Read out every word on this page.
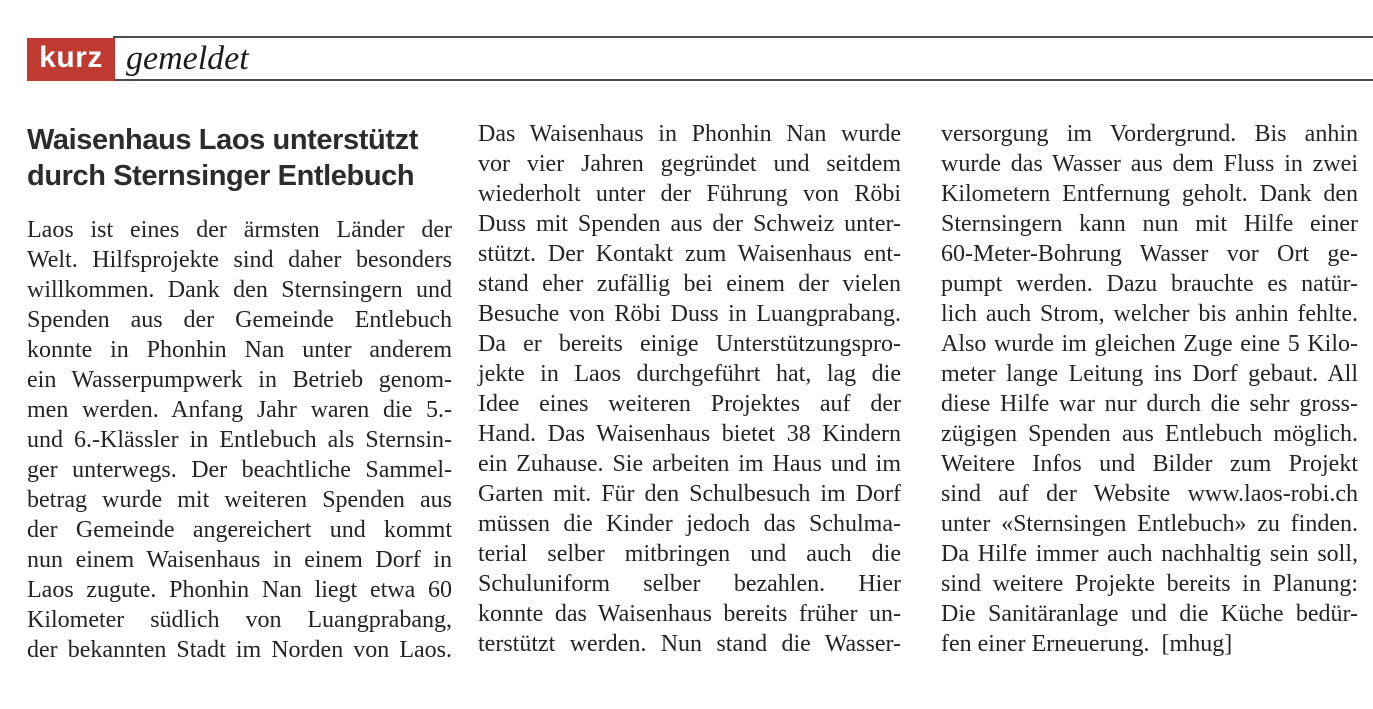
kurz gemeldet
Waisenhaus Laos unterstützt
durch Sternsinger Entlebuch
Laos ist eines der ärmsten Länder der
Welt. Hilfsprojekte sind daher besonders
willkommen. Dank den Sternsingern und
Spenden aus der Gemeinde Entlebuch
konnte in Phonhin Nan unter anderem
ein Wasserpumpwerk in Betrieb genom-
men werden. Anfang Jahr waren die 5.-
und 6.-Klässler in Entlebuch als Sternsin-
ger unterwegs. Der beachtliche Sammel-
betrag wurde mit weiteren Spenden aus
der Gemeinde angereichert und kommt
nun einem Waisenhaus in einem Dorf in
Laos zugute. Phonhin Nan liegt etwa 60
Kilometer südlich von Luangprabang,
der bekannten Stadt im Norden von Laos.
Das Waisenhaus in Phonhin Nan wurde
vor vier Jahren gegründet und seitdem
wiederholt unter der Führung von Röbi
Duss mit Spenden aus der Schweiz unter-
stützt. Der Kontakt zum Waisenhaus ent-
stand eher zufällig bei einem der vielen
Besuche von Röbi Duss in Luangprabang.
Da er bereits einige Unterstützungspro-
jekte in Laos durchgeführt hat, lag die
Idee eines weiteren Projektes auf der
Hand. Das Waisenhaus bietet 38 Kindern
ein Zuhause. Sie arbeiten im Haus und im
Garten mit. Für den Schulbesuch im Dorf
müssen die Kinder jedoch das Schulma-
terial selber mitbringen und auch die
Schuluniform selber bezahlen. Hier
konnte das Waisenhaus bereits früher un-
terstützt werden. Nun stand die Wasser-
versorgung im Vordergrund. Bis anhin
wurde das Wasser aus dem Fluss in zwei
Kilometern Entfernung geholt. Dank den
Sternsingern kann nun mit Hilfe einer
60-Meter-Bohrung Wasser vor Ort ge-
pumpt werden. Dazu brauchte es natür-
lich auch Strom, welcher bis anhin fehlte.
Also wurde im gleichen Zuge eine 5 Kilo-
meter lange Leitung ins Dorf gebaut. All
diese Hilfe war nur durch die sehr gross-
zügigen Spenden aus Entlebuch möglich.
Weitere Infos und Bilder zum Projekt
sind auf der Website www.laos-robi.ch
unter «Sternsingen Entlebuch» zu finden.
Da Hilfe immer auch nachhaltig sein soll,
sind weitere Projekte bereits in Planung:
Die Sanitäranlage und die Küche bedür-
fen einer Erneuerung.  [mhug]
